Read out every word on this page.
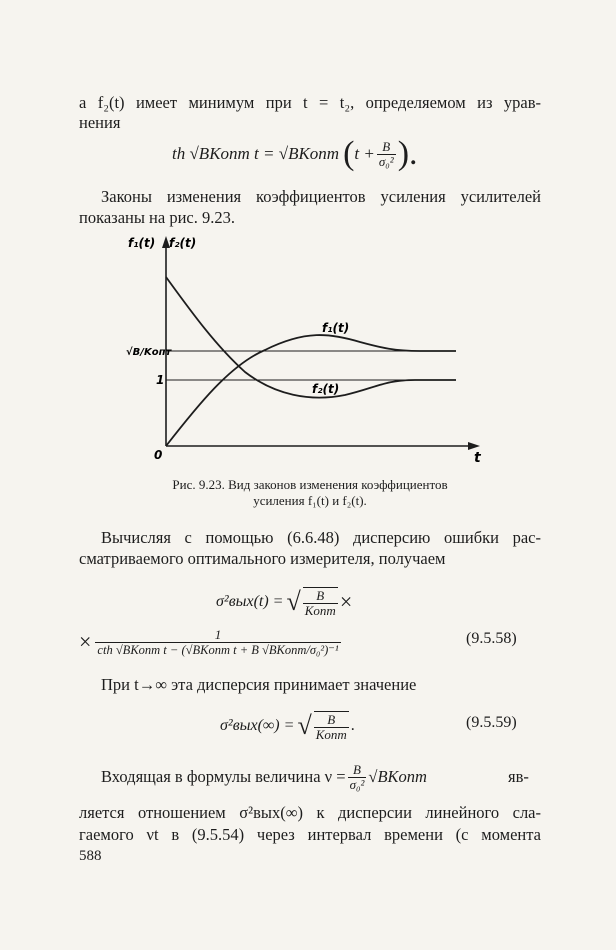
а f₂(t) имеет минимум при t = t₂, определяемом из урав-
нения
th √BKопт t = √BKопт ( $t + \frac{B}{\text{σ₀²}}$ ).
Законы изменения коэффициентов усиления усилителей
показаны на рис. 9.23.
f₁(t) f₂(t)
t
0
√B/Kопт
1
f₁(t)
f₂(t)
Рис. 9.23. Вид законов изменения коэффициентов
усиления f₁(t) и f₂(t).
Вычисляя с помощью (6.6.48) дисперсию ошибки рас-
сматриваемого оптимального измерителя, получаем
σ²вых(t) = √ $\frac{B}{\text{Kопт}}$ ×
× $\frac{1}{\text{cth √BKопт t − (√BKопт t + B √BKопт/σ₀²)⁻¹}}$	(9.5.58)
При t→∞ эта дисперсия принимает значение
σ²вых(∞) = √ $\frac{B}{\text{Kопт}}$ .	(9.5.59)
Входящая в формулы величина $\nu = \frac{B}{\text{σ₀²}}$ √BKопт	яв-
ляется отношением σ²вых(∞) к дисперсии линейного сла-
гаемого νt в (9.5.54) через интервал времени (с момента
588
